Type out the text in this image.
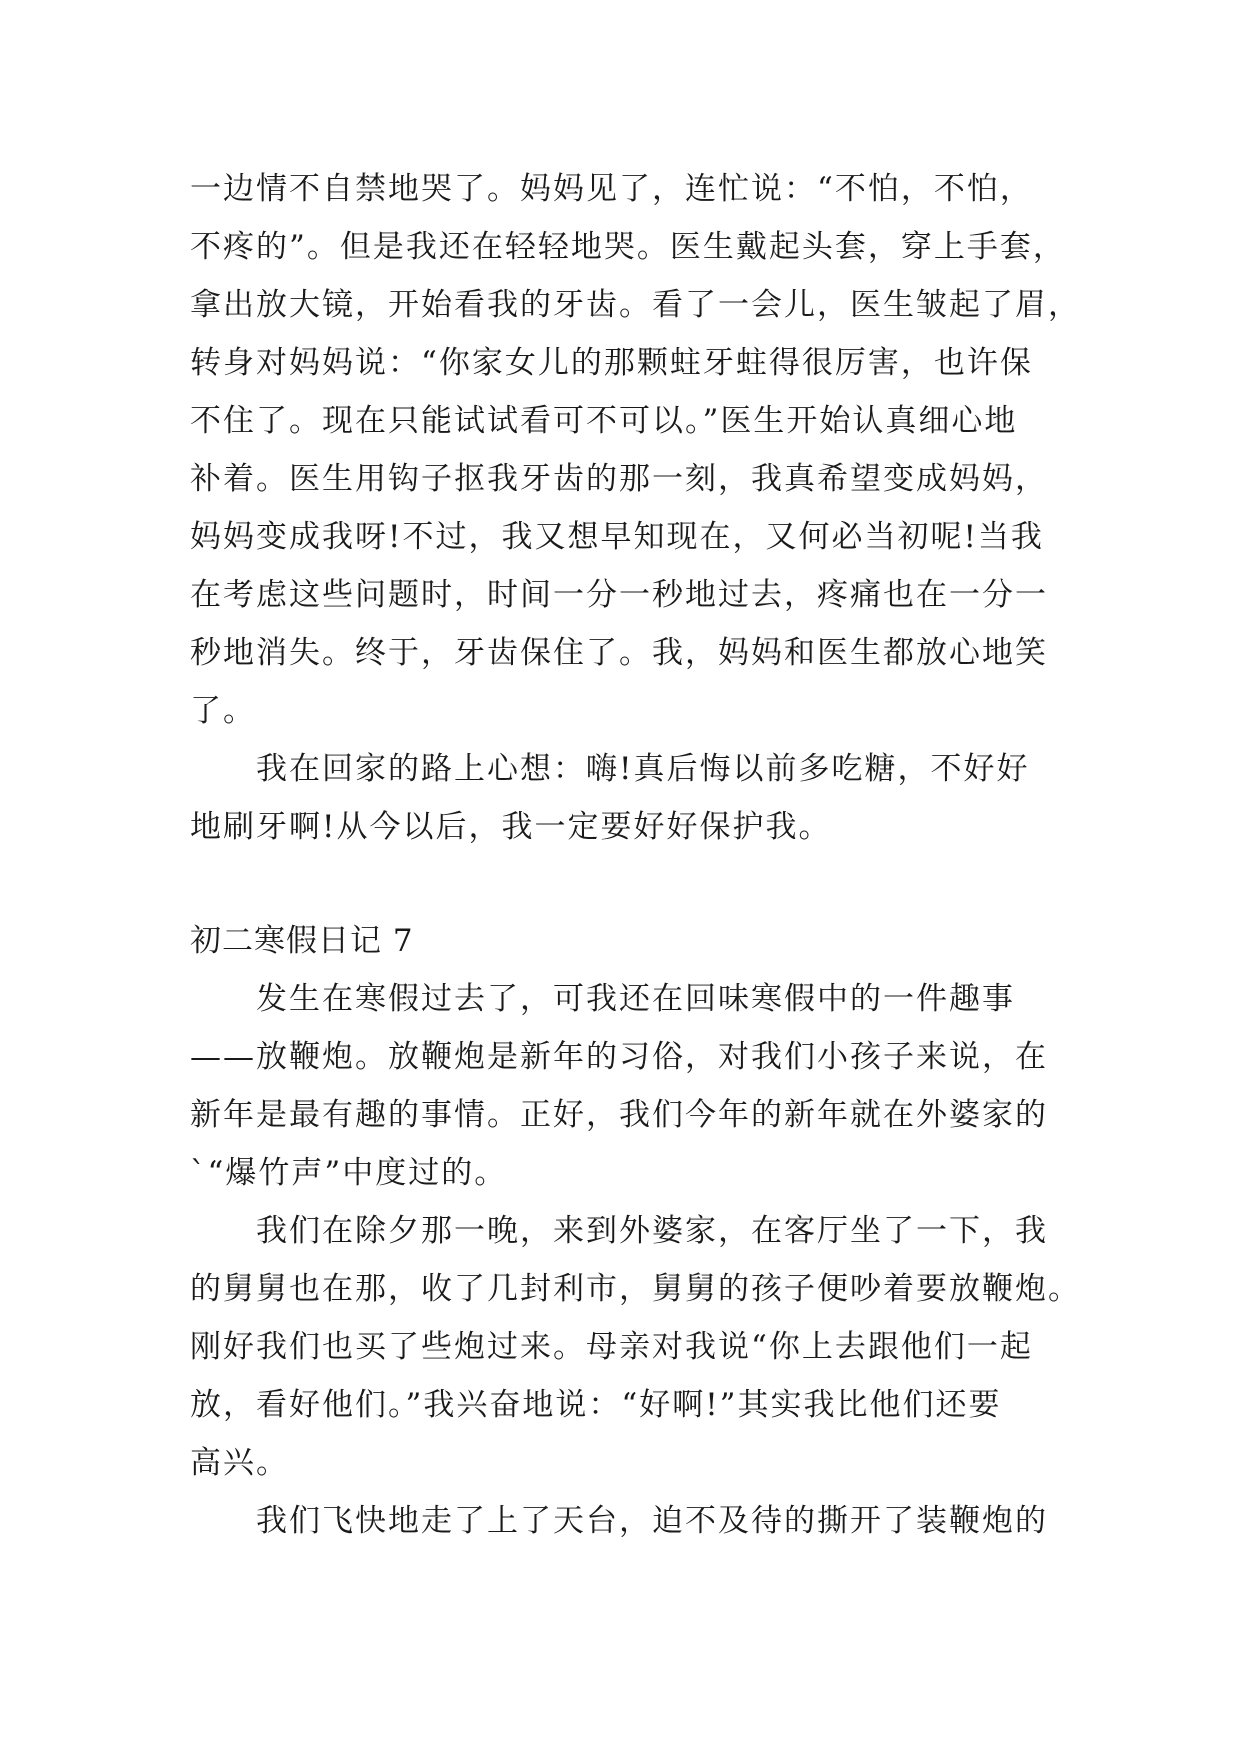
一边情不自禁地哭了。妈妈见了，连忙说：“不怕，不怕，
不疼的”。但是我还在轻轻地哭。医生戴起头套，穿上手套，
拿出放大镜，开始看我的牙齿。看了一会儿，医生皱起了眉，
转身对妈妈说：“你家女儿的那颗蛀牙蛀得很厉害，也许保
不住了。现在只能试试看可不可以。”医生开始认真细心地
补着。医生用钩子抠我牙齿的那一刻，我真希望变成妈妈，
妈妈变成我呀!不过，我又想早知现在，又何必当初呢!当我
在考虑这些问题时，时间一分一秒地过去，疼痛也在一分一
秒地消失。终于，牙齿保住了。我，妈妈和医生都放心地笑
了。
我在回家的路上心想：嗨!真后悔以前多吃糖，不好好
地刷牙啊!从今以后，我一定要好好保护我。
初二寒假日记 7
发生在寒假过去了，可我还在回味寒假中的一件趣事
——放鞭炮。放鞭炮是新年的习俗，对我们小孩子来说，在
新年是最有趣的事情。正好，我们今年的新年就在外婆家的
`“爆竹声”中度过的。
我们在除夕那一晚，来到外婆家，在客厅坐了一下，我
的舅舅也在那，收了几封利市，舅舅的孩子便吵着要放鞭炮。
刚好我们也买了些炮过来。母亲对我说“你上去跟他们一起
放，看好他们。”我兴奋地说：“好啊!”其实我比他们还要
高兴。
我们飞快地走了上了天台，迫不及待的撕开了装鞭炮的
